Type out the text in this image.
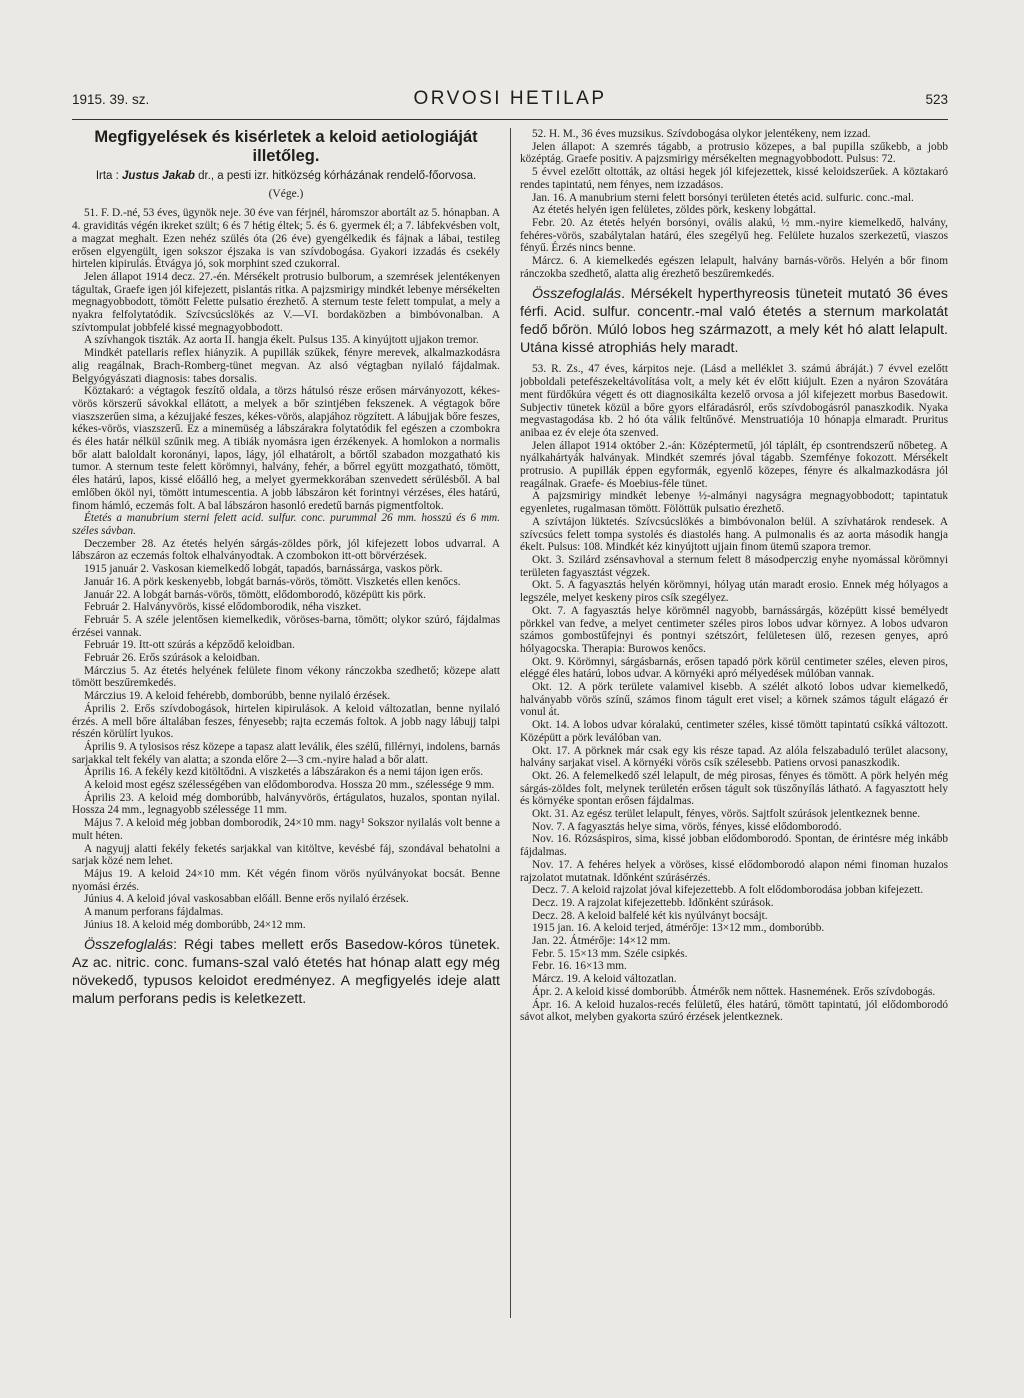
1915. 39. sz.	ORVOSI HETILAP	523
Megfigyelések és kisérletek a keloid aetiologiáját illetőleg.
Irta : Justus Jakab dr., a pesti izr. hitközség kórházának rendelő-főorvosa.
(Vége.)

51. F. D.-né, 53 éves, ügynök neje. 30 éve van férjnél, háromszor abortált az 5. hónapban. A 4. graviditás végén ikreket szült; 6 és 7 hétig éltek; 5. és 6. gyermek él; a 7. lábfekvésben volt, a magzat meghalt. Ezen nehéz szülés óta (26 éve) gyengélkedik és fájnak a lábai, testileg erősen elgyengült, igen sokszor éjszaka is van szívdobogása. Gyakori izzadás és csekély hirtelen kipirulás. Étvágya jó, sok morphint szed czukorral.

Jelen állapot 1914 decz. 27.-én. Mérsékelt protrusio bulborum, a szemrések jelentékenyen tágultak, Graefe igen jól kifejezett, pislantás ritka. A pajzsmirigy mindkét lebenye mérsékelten megnagyobbodott, tömött Felette pulsatio érezhető. A sternum teste felett tompulat, a mely a nyakra felfolytatódik. Szívcsúcslökés az V.—VI. bordaközben a bimbóvonalban. A szívtompulat jobbfelé kissé megnagyobbodott.

A szívhangok tiszták. Az aorta II. hangja ékelt. Pulsus 135. A kinyújtott ujjakon tremor.

Mindkét patellaris reflex hiányzik. A pupillák szűkek, fényre merevek, alkalmazkodásra alig reagálnak, Brach-Romberg-tünet megvan. Az alsó végtagban nyilaló fájdalmak. Belgyógyászati diagnosis: tabes dorsalis.

Köztakaró: a végtagok feszítő oldala, a törzs hátulsó része erősen márványozott, kékes-vörös körszerű sávokkal ellátott, a melyek a bőr szintjében fekszenek. A végtagok bőre viaszszerűen sima, a kézujjaké feszes, kékes-vörös, alapjához rögzített. A lábujjak bőre feszes, kékes-vörös, viaszszerű. Ez a minemüség a lábszárakra folytatódik fel egészen a czombokra és éles határ nélkül szűnik meg. A tibiák nyomásra igen érzékenyek. A homlokon a normalis bőr alatt baloldalt koronányi, lapos, lágy, jól elhatárolt, a bőrtől szabadon mozgatható kis tumor. A sternum teste felett körömnyi, halvány, fehér, a bőrrel együtt mozgatható, tömött, éles határú, lapos, kissé előálló heg, a melyet gyermekkorában szenvedett sérülésből. A bal emlőben ököl nyi, tömött intumescentia. A jobb lábszáron két forintnyi vérzéses, éles határú, finom hámló, eczemás folt. A bal lábszáron hasonló eredetű barnás pigmentfoltok.

Étetés a manubrium sterni felett acid. sulfur. conc. purummal 26 mm. hosszú és 6 mm. széles sávban.

Deczember 28. Az étetés helyén sárgás-zöldes pörk, jól kifejezett lobos udvarral. A lábszáron az eczemás foltok elhalványodtak. A czombokon itt-ott börvérzések.

1915 január 2. Vaskosan kiemelkedő lobgát, tapadós, barnássárga, vaskos pörk.

Január 16. A pörk keskenyebb, lobgát barnás-vörös, tömött. Viszketés ellen kenőcs.

Január 22. A lobgát barnás-vörös, tömött, elődomborodó, középütt kis pörk.

Február 2. Halványvörös, kissé elődomborodik, néha viszket.

Február 5. A széle jelentősen kiemelkedik, vöröses-barna, tömött; olykor szúró, fájdalmas érzései vannak.

Február 19. Itt-ott szúrás a képződő keloidban.

Február 26. Erős szúrások a keloidban.

Márczius 5. Az étetés helyének felülete finom vékony ránczokba szedhető; közepe alatt tömött beszűremkedés.

Márczius 19. A keloid fehérebb, domborúbb, benne nyilaló érzések.

Április 2. Erős szívdobogások, hirtelen kipirulások. A keloid változatlan, benne nyilaló érzés. A mell bőre általában feszes, fényesebb; rajta eczemás foltok. A jobb nagy lábujj talpi részén körülírt lyukos.

Április 9. A tylosisos rész közepe a tapasz alatt leválik, éles szélű, fillérnyi, indolens, barnás sarjakkal telt fekély van alatta; a szonda előre 2—3 cm.-nyire halad a bőr alatt.

Április 16. A fekély kezd kitöltődni. A viszketés a lábszárakon és a nemi tájon igen erős.

A keloid most egész szélességében van elődomborodva. Hossza 20 mm., szélessége 9 mm.

Április 23. A keloid még domborúbb, halványvörös, értágulatos, huzalos, spontan nyilal. Hossza 24 mm., legnagyobb szélessége 11 mm.

Május 7. A keloid még jobban domborodik, 24×10 mm. nagy¹ Sokszor nyilalás volt benne a mult héten.

A nagyujj alatti fekély feketés sarjakkal van kitöltve, kevésbé fáj, szondával behatolni a sarjak közé nem lehet.

Május 19. A keloid 24×10 mm. Két végén finom vörös nyúlványokat bocsát. Benne nyomási érzés.

Június 4. A keloid jóval vaskosabban előáll. Benne erős nyilaló érzések.

A manum perforans fájdalmas.

Június 18. A keloid még domborúbb, 24×12 mm.

Összefoglalás: Régi tabes mellett erős Basedow-kóros tünetek. Az ac. nitric. conc. fumans-szal való étetés hat hónap alatt egy még növekedő, typusos keloidot eredményez. A megfigyelés ideje alatt malum perforans pedis is keletkezett.

52. H. M., 36 éves muzsikus. Szívdobogása olykor jelentékeny, nem izzad.

Jelen állapot: A szemrés tágabb, a protrusio közepes, a bal pupilla szűkebb, a jobb középtág. Graefe positiv. A pajzsmirigy mérsékelten megnagyobbodott. Pulsus: 72.

5 évvel ezelőtt oltották, az oltási hegek jól kifejezettek, kissé keloidszerűek. A köztakaró rendes tapintatú, nem fényes, nem izzadásos.

Jan. 16. A manubrium sterni felett borsónyi területen étetés acid. sulfuric. conc.-mal.

Az étetés helyén igen felületes, zöldes pörk, keskeny lobgáttal.

Febr. 20. Az étetés helyén borsónyi, ovális alakú, ½ mm.-nyire kiemelkedő, halvány, fehéres-vörös, szabálytalan határú, éles szegélyű heg. Felülete huzalos szerkezetű, viaszos fényű. Érzés nincs benne.

Márcz. 6. A kiemelkedés egészen lelapult, halvány barnás-vörös. Helyén a bőr finom ránczokba szedhető, alatta alig érezhető beszűremkedés.

Összefoglalás. Mérsékelt hyperthyreosis tüneteit mutató 36 éves férfi. Acid. sulfur. concentr.-mal való étetés a sternum markolatát fedő bőrön. Múló lobos heg származott, a mely két hó alatt lelapult. Utána kissé atrophiás hely maradt.

53. R. Zs., 47 éves, kárpitos neje. (Lásd a melléklet 3. számú ábráját.) 7 évvel ezelőtt jobboldali petefészekeltávolítása volt, a mely két év előtt kiújult. Ezen a nyáron Szovátára ment fürdőkúra végett és ott diagnosikálta kezelő orvosa a jól kifejezett morbus Basedowit. Subjectiv tünetek közül a bőre gyors elfáradásról, erős szívdobogásról panaszkodik. Nyaka megvastagodása kb. 2 hó óta válik feltűnővé. Menstruatiója 10 hónapja elmaradt. Pruritus anibaa ez év eleje óta szenved.

Jelen állapot 1914 október 2.-án: Középtermetű, jól táplált, ép csontrendszerű nőbeteg. A nyálkahártyák halványak. Mindkét szemrés jóval tágabb. Szemfénye fokozott. Mérsékelt protrusio. A pupillák éppen egyformák, egyenlő közepes, fényre és alkalmazkodásra jól reagálnak. Graefe- és Moebius-féle tünet.

A pajzsmirigy mindkét lebenye ½-almányi nagyságra megnagyobbodott; tapintatuk egyenletes, rugalmasan tömött. Fölöttük pulsatio érezhető.

A szívtájon lüktetés. Szívcsúcslökés a bimbóvonalon belül. A szívhatárok rendesek. A szívcsúcs felett tompa systolés és diastolés hang. A pulmonalis és az aorta második hangja ékelt. Pulsus: 108. Mindkét kéz kinyújtott ujjain finom ütemű szapora tremor.

Okt. 3. Szilárd zsénsavhoval a sternum felett 8 másodperczig enyhe nyomással körömnyi területen fagyasztást végzek.

Okt. 5. A fagyasztás helyén körömnyi, hólyag után maradt erosio. Ennek még hólyagos a legszéle, melyet keskeny piros csík szegélyez.

Okt. 7. A fagyasztás helye körömnél nagyobb, barnássárgás, középütt kissé bemélyedt pörkkel van fedve, a melyet centimeter széles piros lobos udvar környez. A lobos udvaron számos gombostűfejnyi és pontnyi szétszórt, felületesen ülő, rezesen genyes, apró hólyagocska. Therapia: Burowos kenőcs.

Okt. 9. Körömnyi, sárgásbarnás, erősen tapadó pörk körül centimeter széles, eleven piros, eléggé éles határú, lobos udvar. A környéki apró mélyedések múlóban vannak.

Okt. 12. A pörk területe valamivel kisebb. A szélét alkotó lobos udvar kiemelkedő, halványabb vörös színű, számos finom tágult eret visel; a körnek számos tágult elágazó ér vonul át.

Okt. 14. A lobos udvar kóralakú, centimeter széles, kissé tömött tapintatú csíkká változott. Középütt a pörk leválóban van.

Okt. 17. A pörknek már csak egy kis része tapad. Az alóla felszabaduló terület alacsony, halvány sarjakat visel. A környéki vörös csík szélesebb. Patiens orvosi panaszkodik.

Okt. 26. A felemelkedő szél lelapult, de még pirosas, fényes és tömött. A pörk helyén még sárgás-zöldes folt, melynek területén erősen tágult sok tüszőnyílás látható. A fagyasztott hely és környéke spontan erősen fájdalmas.

Okt. 31. Az egész terület lelapult, fényes, vörös. Sajtfolt szúrások jelentkeznek benne.

Nov. 7. A fagyasztás helye sima, vörös, fényes, kissé elődomborodó.

Nov. 16. Rózsáspiros, sima, kissé jobban elődomborodó. Spontan, de érintésre még inkább fájdalmas.

Nov. 17. A fehéres helyek a vöröses, kissé elődomborodó alapon némi finoman huzalos rajzolatot mutatnak. Időnként szúrásérzés.

Decz. 7. A keloid rajzolat jóval kifejezettebb. A folt elődomborodása jobban kifejezett.

Decz. 19. A rajzolat kifejezettebb. Időnként szúrások.

Decz. 28. A keloid balfelé két kis nyúlványt bocsájt.

1915 jan. 16. A keloid terjed, átmérője: 13×12 mm., domborúbb.

Jan. 22. Átmérője: 14×12 mm.

Febr. 5. 15×13 mm. Széle csipkés.

Febr. 16. 16×13 mm.

Márcz. 19. A keloid változatlan.

Ápr. 2. A keloid kissé domborúbb. Átmérők nem nőttek. Hasnemének. Erős szívdobogás.

Ápr. 16. A keloid huzalos-recés felületű, éles határú, tömött tapintatú, jól elődomborodó sávot alkot, melyben gyakorta szúró érzések jelentkeznek.
